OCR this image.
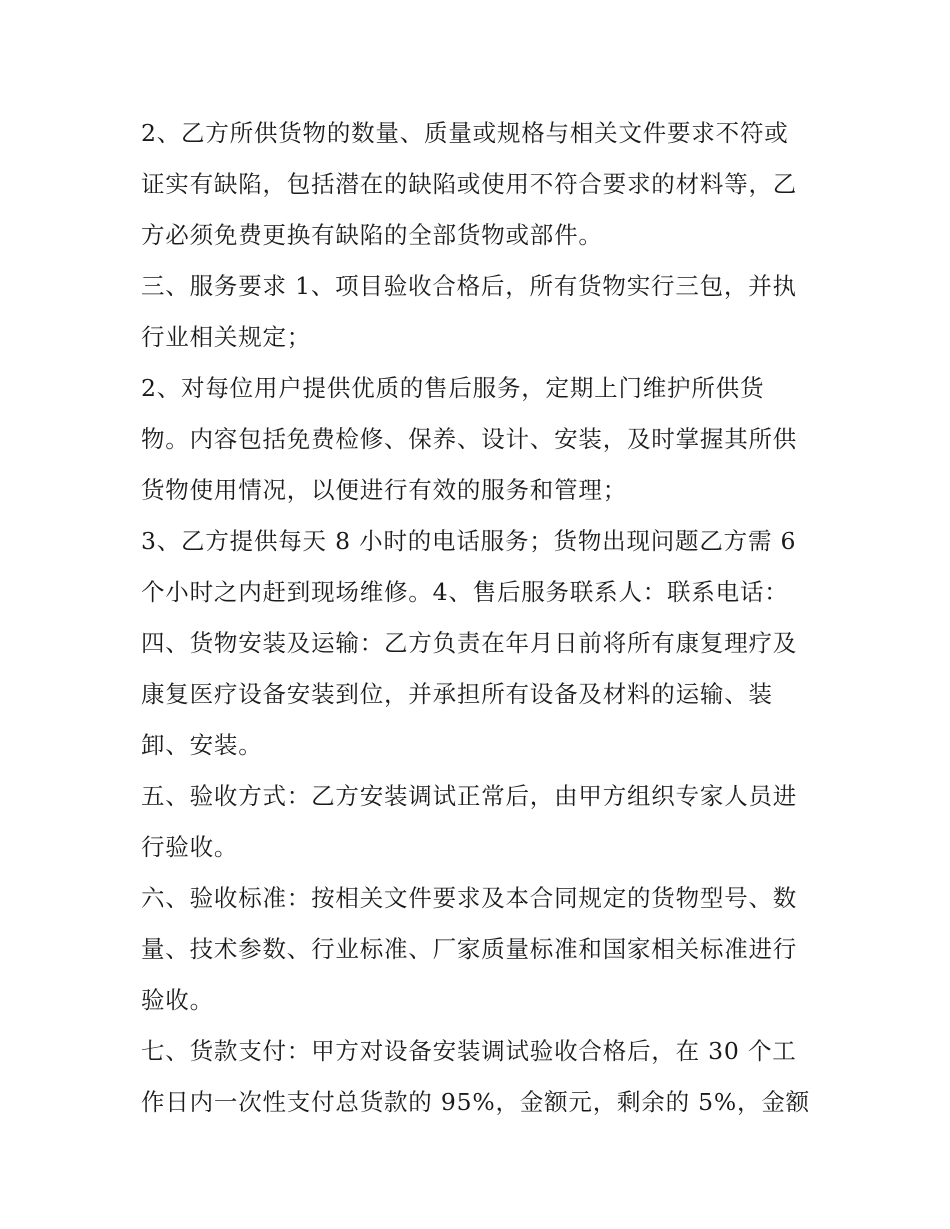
2、乙方所供货物的数量、质量或规格与相关文件要求不符或
证实有缺陷，包括潜在的缺陷或使用不符合要求的材料等，乙
方必须免费更换有缺陷的全部货物或部件。

三、服务要求 1、项目验收合格后，所有货物实行三包，并执
行业相关规定；

2、对每位用户提供优质的售后服务，定期上门维护所供货
物。内容包括免费检修、保养、设计、安装，及时掌握其所供
货物使用情况，以便进行有效的服务和管理；

3、乙方提供每天 8 小时的电话服务；货物出现问题乙方需 6
个小时之内赶到现场维修。4、售后服务联系人：联系电话：

四、货物安装及运输：乙方负责在年月日前将所有康复理疗及
康复医疗设备安装到位，并承担所有设备及材料的运输、装
卸、安装。

五、验收方式：乙方安装调试正常后，由甲方组织专家人员进
行验收。

六、验收标准：按相关文件要求及本合同规定的货物型号、数
量、技术参数、行业标准、厂家质量标准和国家相关标准进行
验收。

七、货款支付：甲方对设备安装调试验收合格后，在 30 个工
作日内一次性支付总货款的 95%，金额元，剩余的 5%，金额
